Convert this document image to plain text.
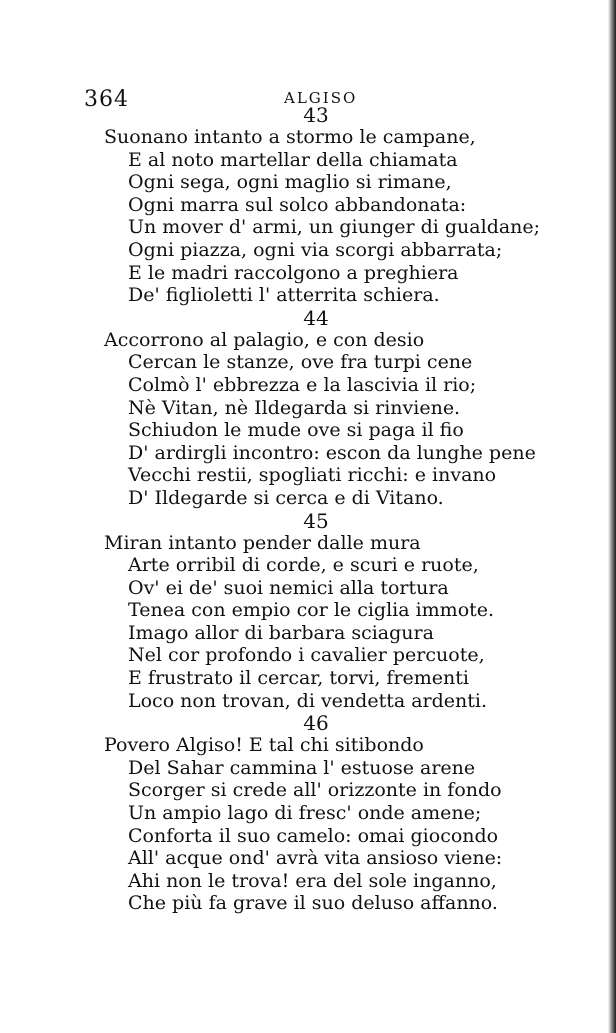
364	ALGISO
43
Suonano intanto a stormo le campane,
E al noto martellar della chiamata
Ogni sega, ogni maglio si rimane,
Ogni marra sul solco abbandonata:
Un mover d' armi, un giunger di gualdane;
Ogni piazza, ogni via scorgi abbarrata;
E le madri raccolgono a preghiera
De' figlioletti l' atterrita schiera.
44
Accorrono al palagio, e con desio
Cercan le stanze, ove fra turpi cene
Colmò l' ebbrezza e la lascivia il rio;
Nè Vitan, nè Ildegarda si rinviene.
Schiudon le mude ove si paga il fio
D' ardirgli incontro: escon da lunghe pene
Vecchi restii, spogliati ricchi: e invano
D' Ildegarde si cerca e di Vitano.
45
Miran intanto pender dalle mura
Arte orribil di corde, e scuri e ruote,
Ov' ei de' suoi nemici alla tortura
Tenea con empio cor le ciglia immote.
Imago allor di barbara sciagura
Nel cor profondo i cavalier percuote,
E frustrato il cercar, torvi, frementi
Loco non trovan, di vendetta ardenti.
46
Povero Algiso! E tal chi sitibondo
Del Sahar cammina l' estuose arene
Scorger si crede all' orizzonte in fondo
Un ampio lago di fresc' onde amene;
Conforta il suo camelo: omai giocondo
All' acque ond' avrà vita ansioso viene:
Ahi non le trova! era del sole inganno,
Che più fa grave il suo deluso affanno.
